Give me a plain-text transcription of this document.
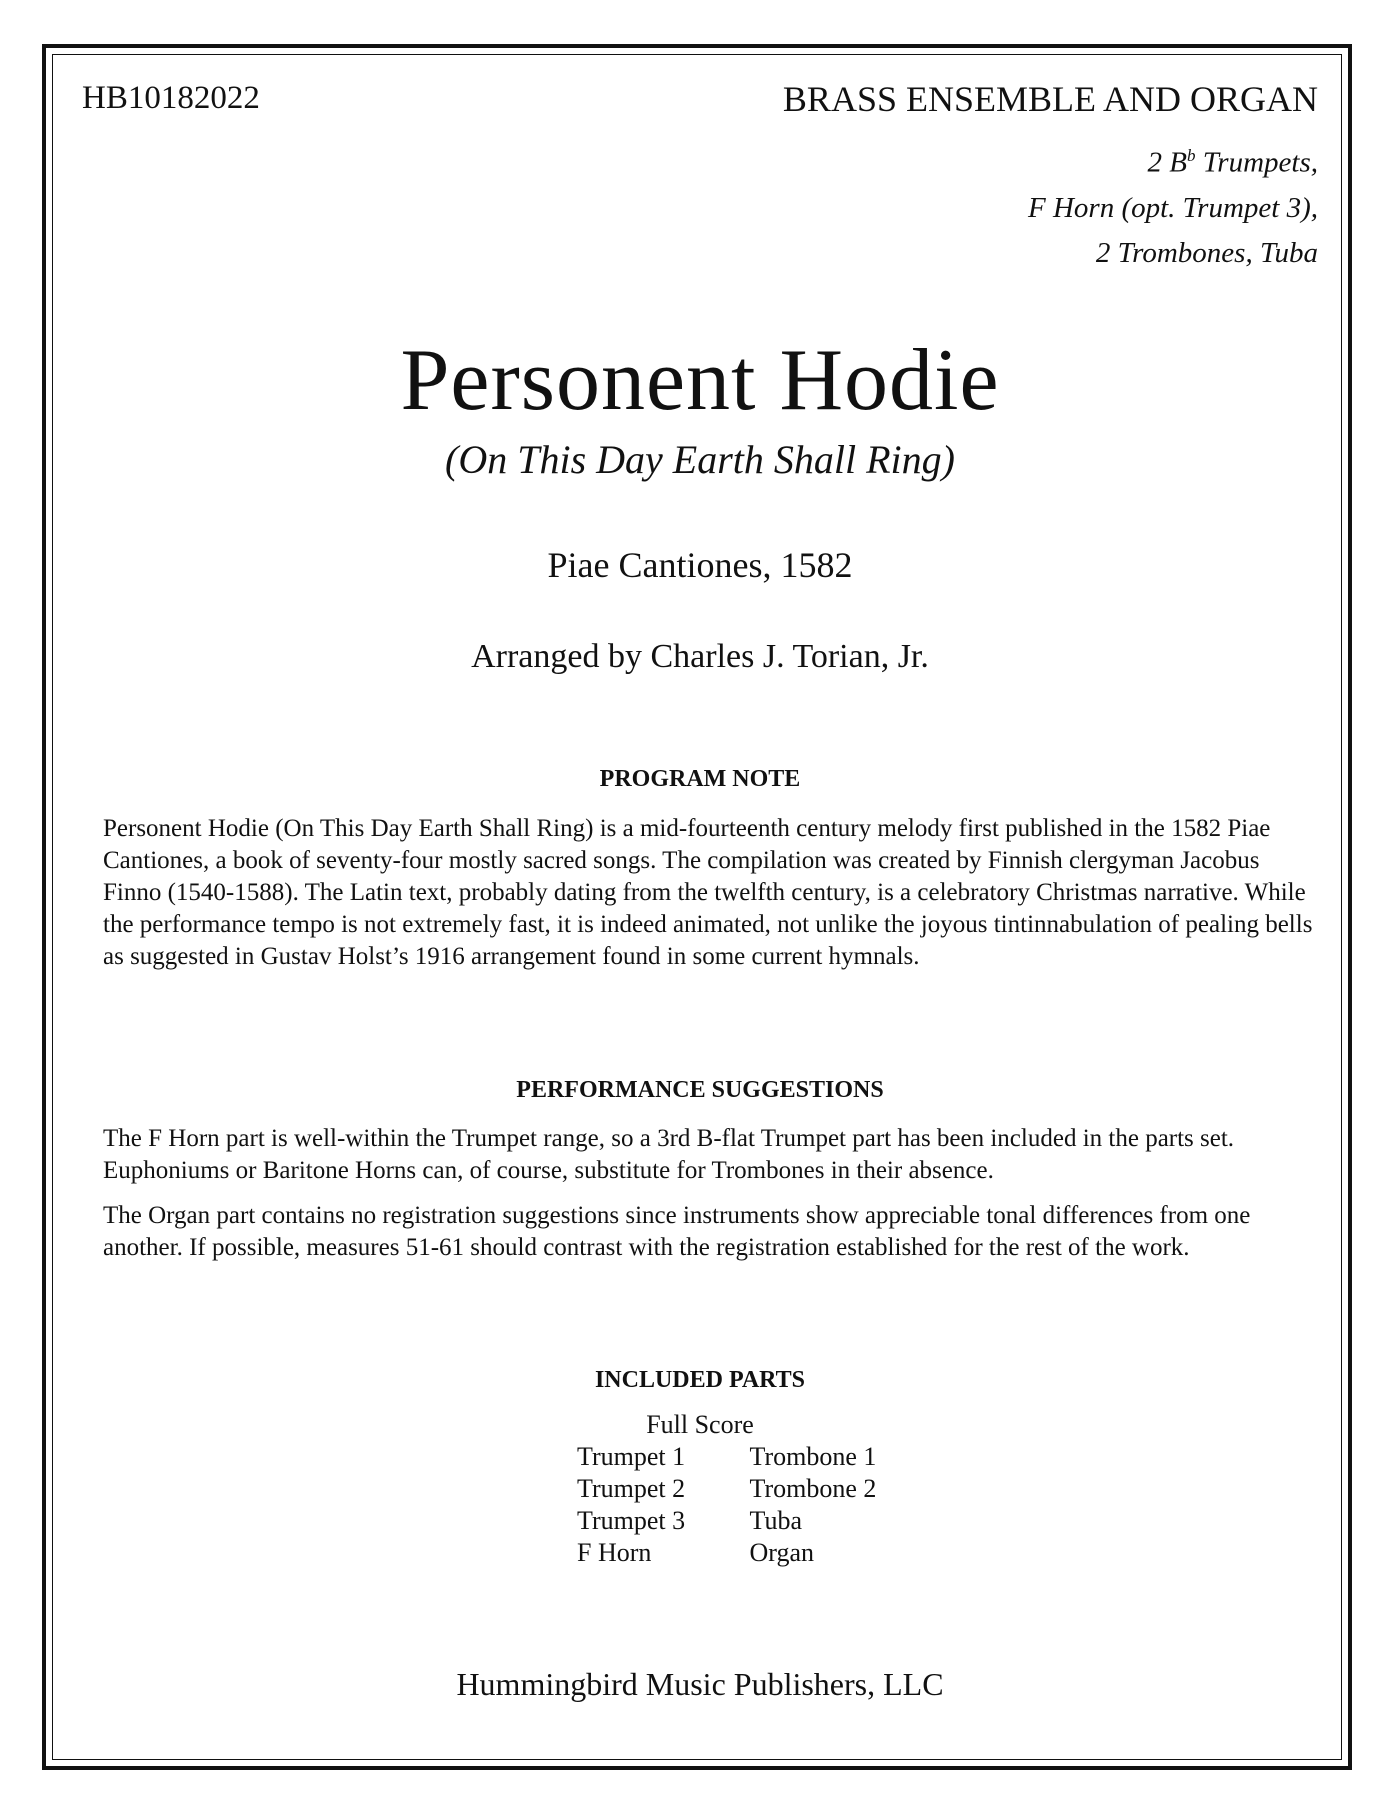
HB10182022	BRASS ENSEMBLE AND ORGAN
2 $B^b$ Trumpets,
F Horn (opt. Trumpet 3),
2 Trombones, Tuba
Personent Hodie
(On This Day Earth Shall Ring)
Piae Cantiones, 1582
Arranged by Charles J. Torian, Jr.
PROGRAM NOTE

Personent Hodie (On This Day Earth Shall Ring) is a mid-fourteenth century melody first published in the 1582 Piae Cantiones, a book of seventy-four mostly sacred songs. The compilation was created by Finnish clergyman Jacobus Finno (1540-1588). The Latin text, probably dating from the twelfth century, is a celebratory Christmas narrative. While the performance tempo is not extremely fast, it is indeed animated, not unlike the joyous tintinnabulation of pealing bells as suggested in Gustav Holst’s 1916 arrangement found in some current hymnals.

PERFORMANCE SUGGESTIONS

The F Horn part is well-within the Trumpet range, so a 3rd B-flat Trumpet part has been included in the parts set. Euphoniums or Baritone Horns can, of course, substitute for Trombones in their absence.

The Organ part contains no registration suggestions since instruments show appreciable tonal differences from one another. If possible, measures 51-61 should contrast with the registration established for the rest of the work.

INCLUDED PARTS
Full Score
Trumpet 1
Trumpet 2
Trumpet 3
F Horn

Trombone 1
Trombone 2
Tuba
Organ
Hummingbird Music Publishers, LLC
